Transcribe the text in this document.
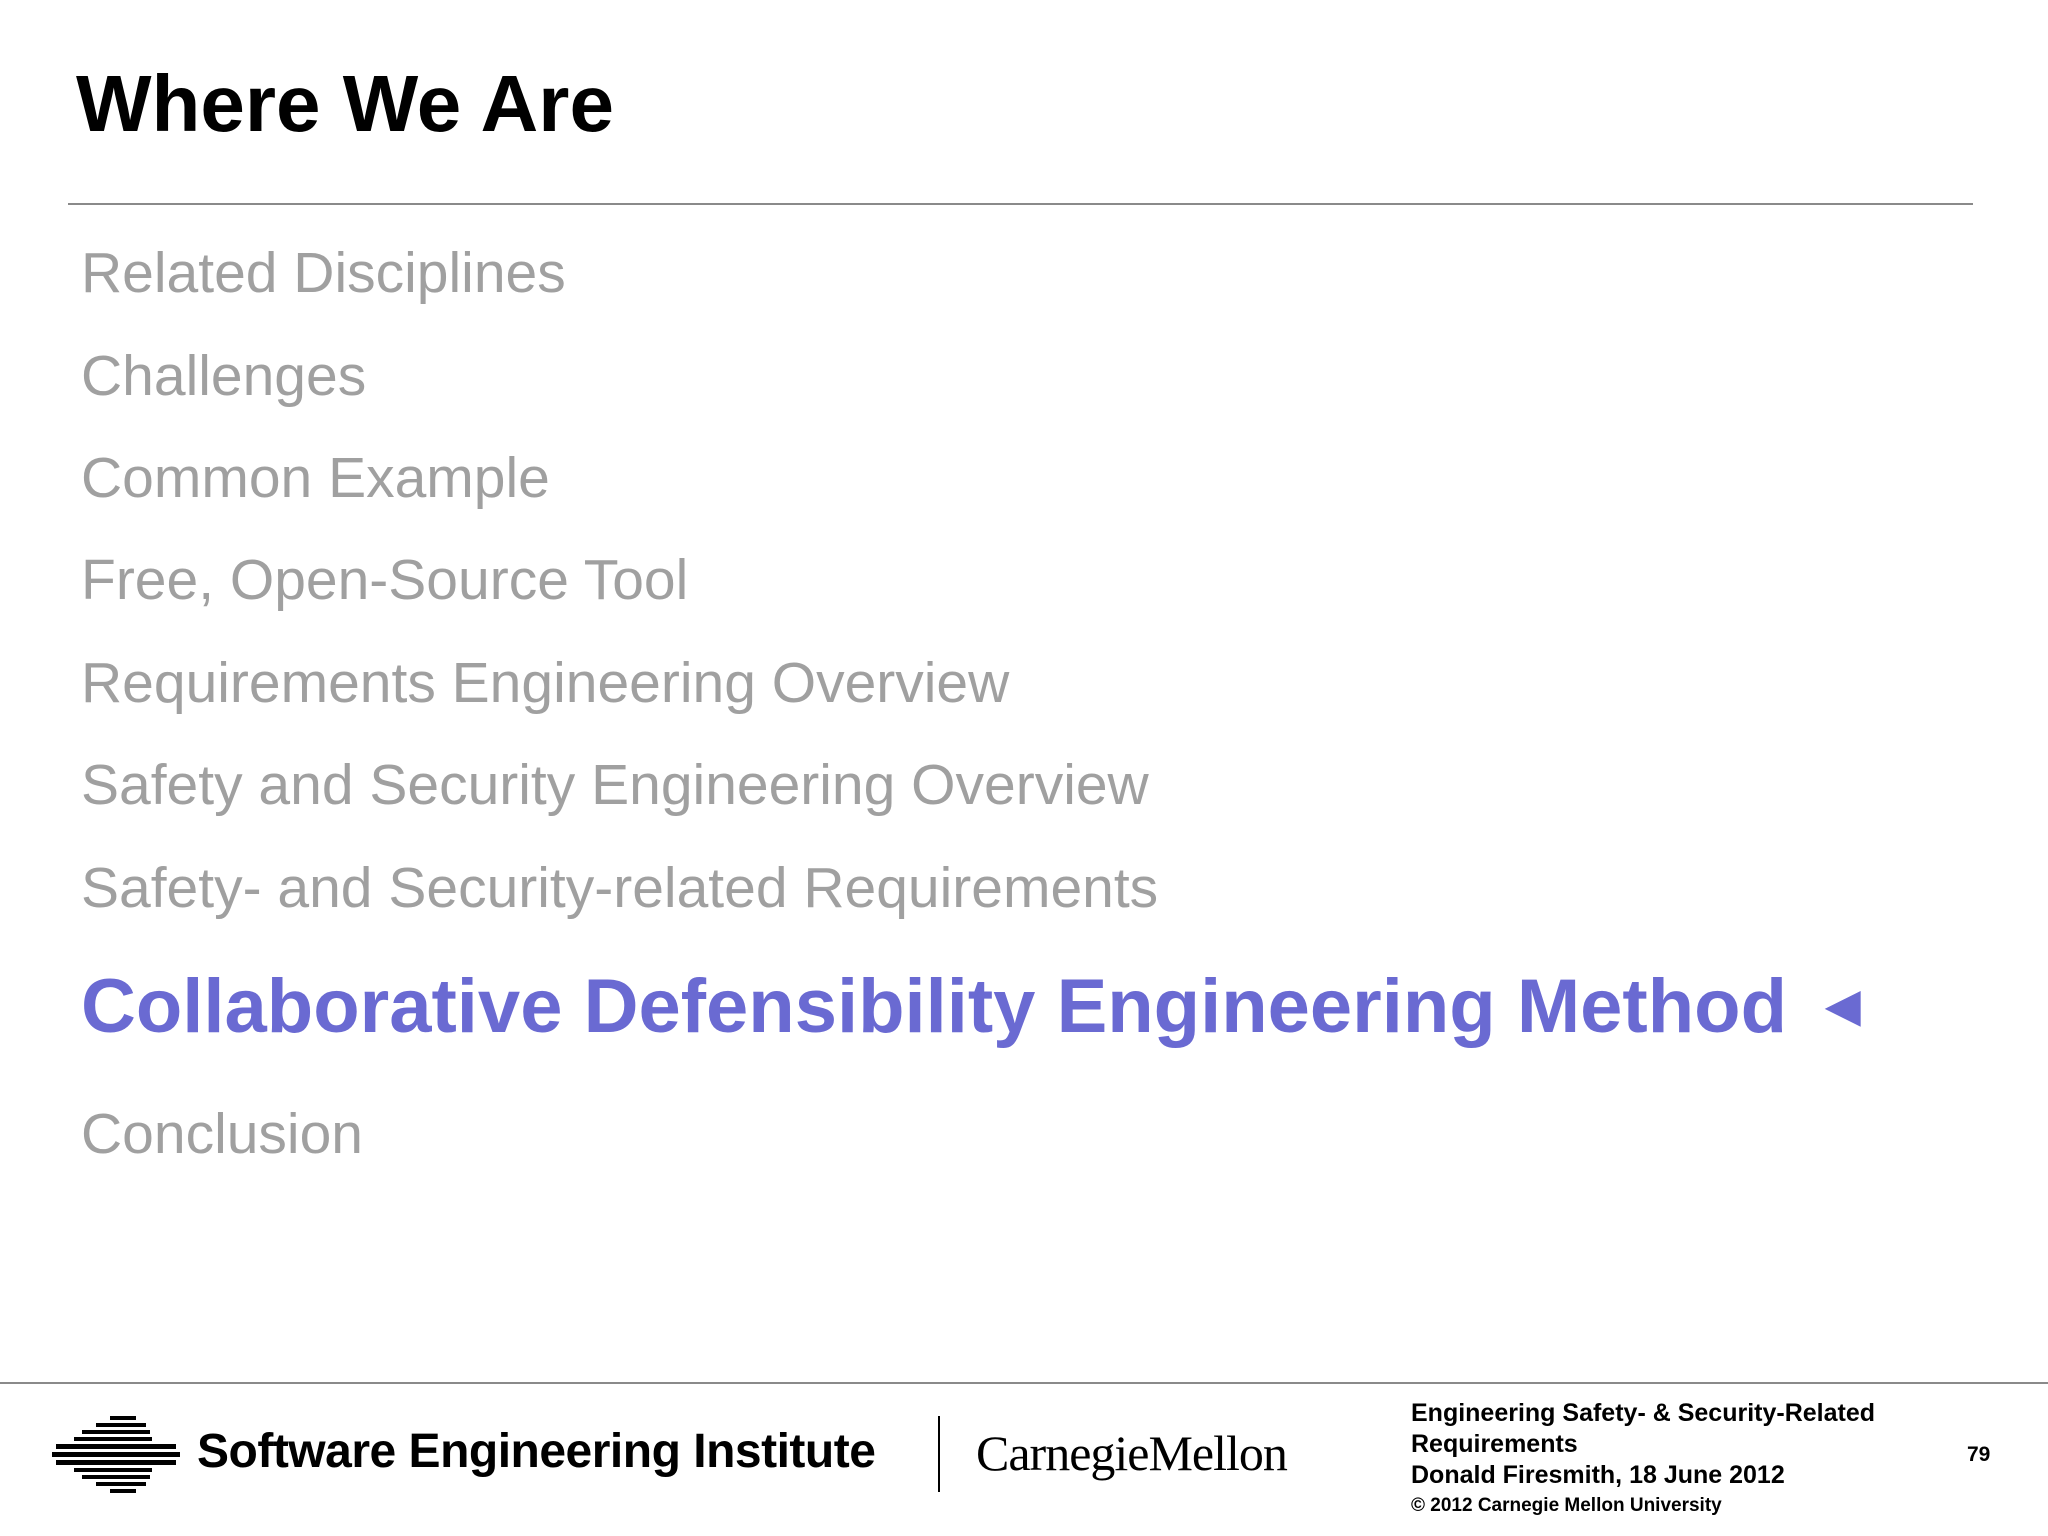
Where We Are
Related Disciplines
Challenges
Common Example
Free, Open-Source Tool
Requirements Engineering Overview
Safety and Security Engineering Overview
Safety- and Security-related Requirements
Collaborative Defensibility Engineering Method ◄
Conclusion
Software Engineering Institute CarnegieMellon
Engineering Safety- & Security-Related
Requirements
Donald Firesmith, 18 June 2012
© 2012 Carnegie Mellon University
79
